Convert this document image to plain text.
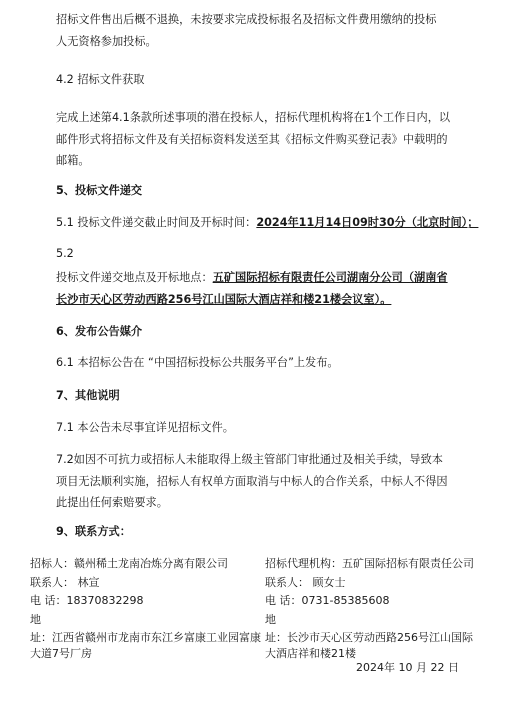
招标文件售出后概不退换，未按要求完成投标报名及招标文件费用缴纳的投标
人无资格参加投标。
4.2 招标文件获取
完成上述第4.1条款所述事项的潜在投标人，招标代理机构将在1个工作日内，以
邮件形式将招标文件及有关招标资料发送至其《招标文件购买登记表》中载明的
邮箱。
5、投标文件递交
5.1 投标文件递交截止时间及开标时间：2024年11月14日09时30分（北京时间）；
5.2
投标文件递交地点及开标地点：五矿国际招标有限责任公司湖南分公司（湖南省
长沙市天心区劳动西路256号江山国际大酒店祥和楼21楼会议室）。
6、发布公告媒介
6.1 本招标公告在 “中国招标投标公共服务平台”上发布。
7、其他说明
7.1 本公告未尽事宜详见招标文件。
7.2如因不可抗力或招标人未能取得上级主管部门审批通过及相关手续，导致本
项目无法顺利实施，招标人有权单方面取消与中标人的合作关系，中标人不得因
此提出任何索赔要求。
9、联系方式：
招标人：赣州稀土龙南冶炼分离有限公司
联系人： 林宣
电 话：18370832298
地
址：江西省赣州市龙南市东江乡富康工业园富康大道7号厂房
招标代理机构：五矿国际招标有限责任公司
联系人： 顾女士
电 话：0731-85385608
地
址：长沙市天心区劳动西路256号江山国际大酒店祥和楼21楼
2024年 10 月 22 日
